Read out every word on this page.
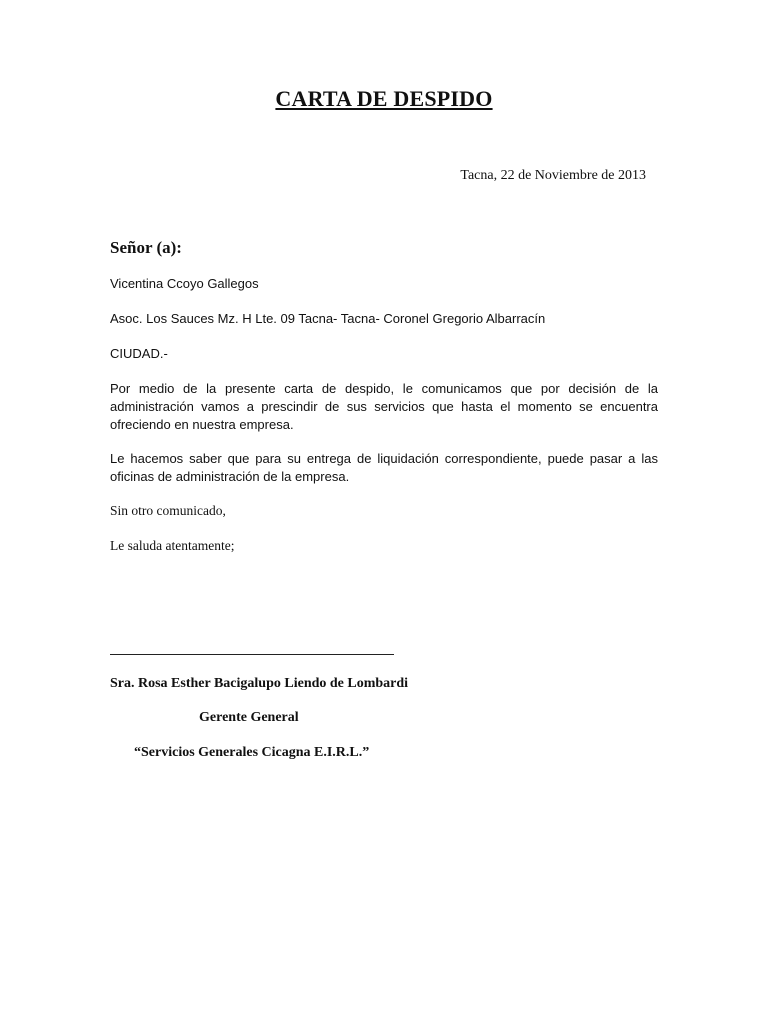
CARTA DE DESPIDO
Tacna, 22 de Noviembre de 2013
Señor (a):
Vicentina Ccoyo Gallegos
Asoc. Los Sauces Mz. H Lte. 09 Tacna- Tacna- Coronel Gregorio Albarracín
CIUDAD.-
Por medio de la presente carta de despido, le comunicamos que por decisión de la administración vamos a prescindir de sus servicios que hasta el momento se encuentra ofreciendo en nuestra empresa.
Le hacemos saber que para su entrega de liquidación correspondiente, puede pasar a las oficinas de administración de la empresa.
Sin otro comunicado,
Le saluda atentamente;
Sra. Rosa Esther Bacigalupo Liendo de Lombardi
Gerente General
“Servicios Generales Cicagna E.I.R.L.”
